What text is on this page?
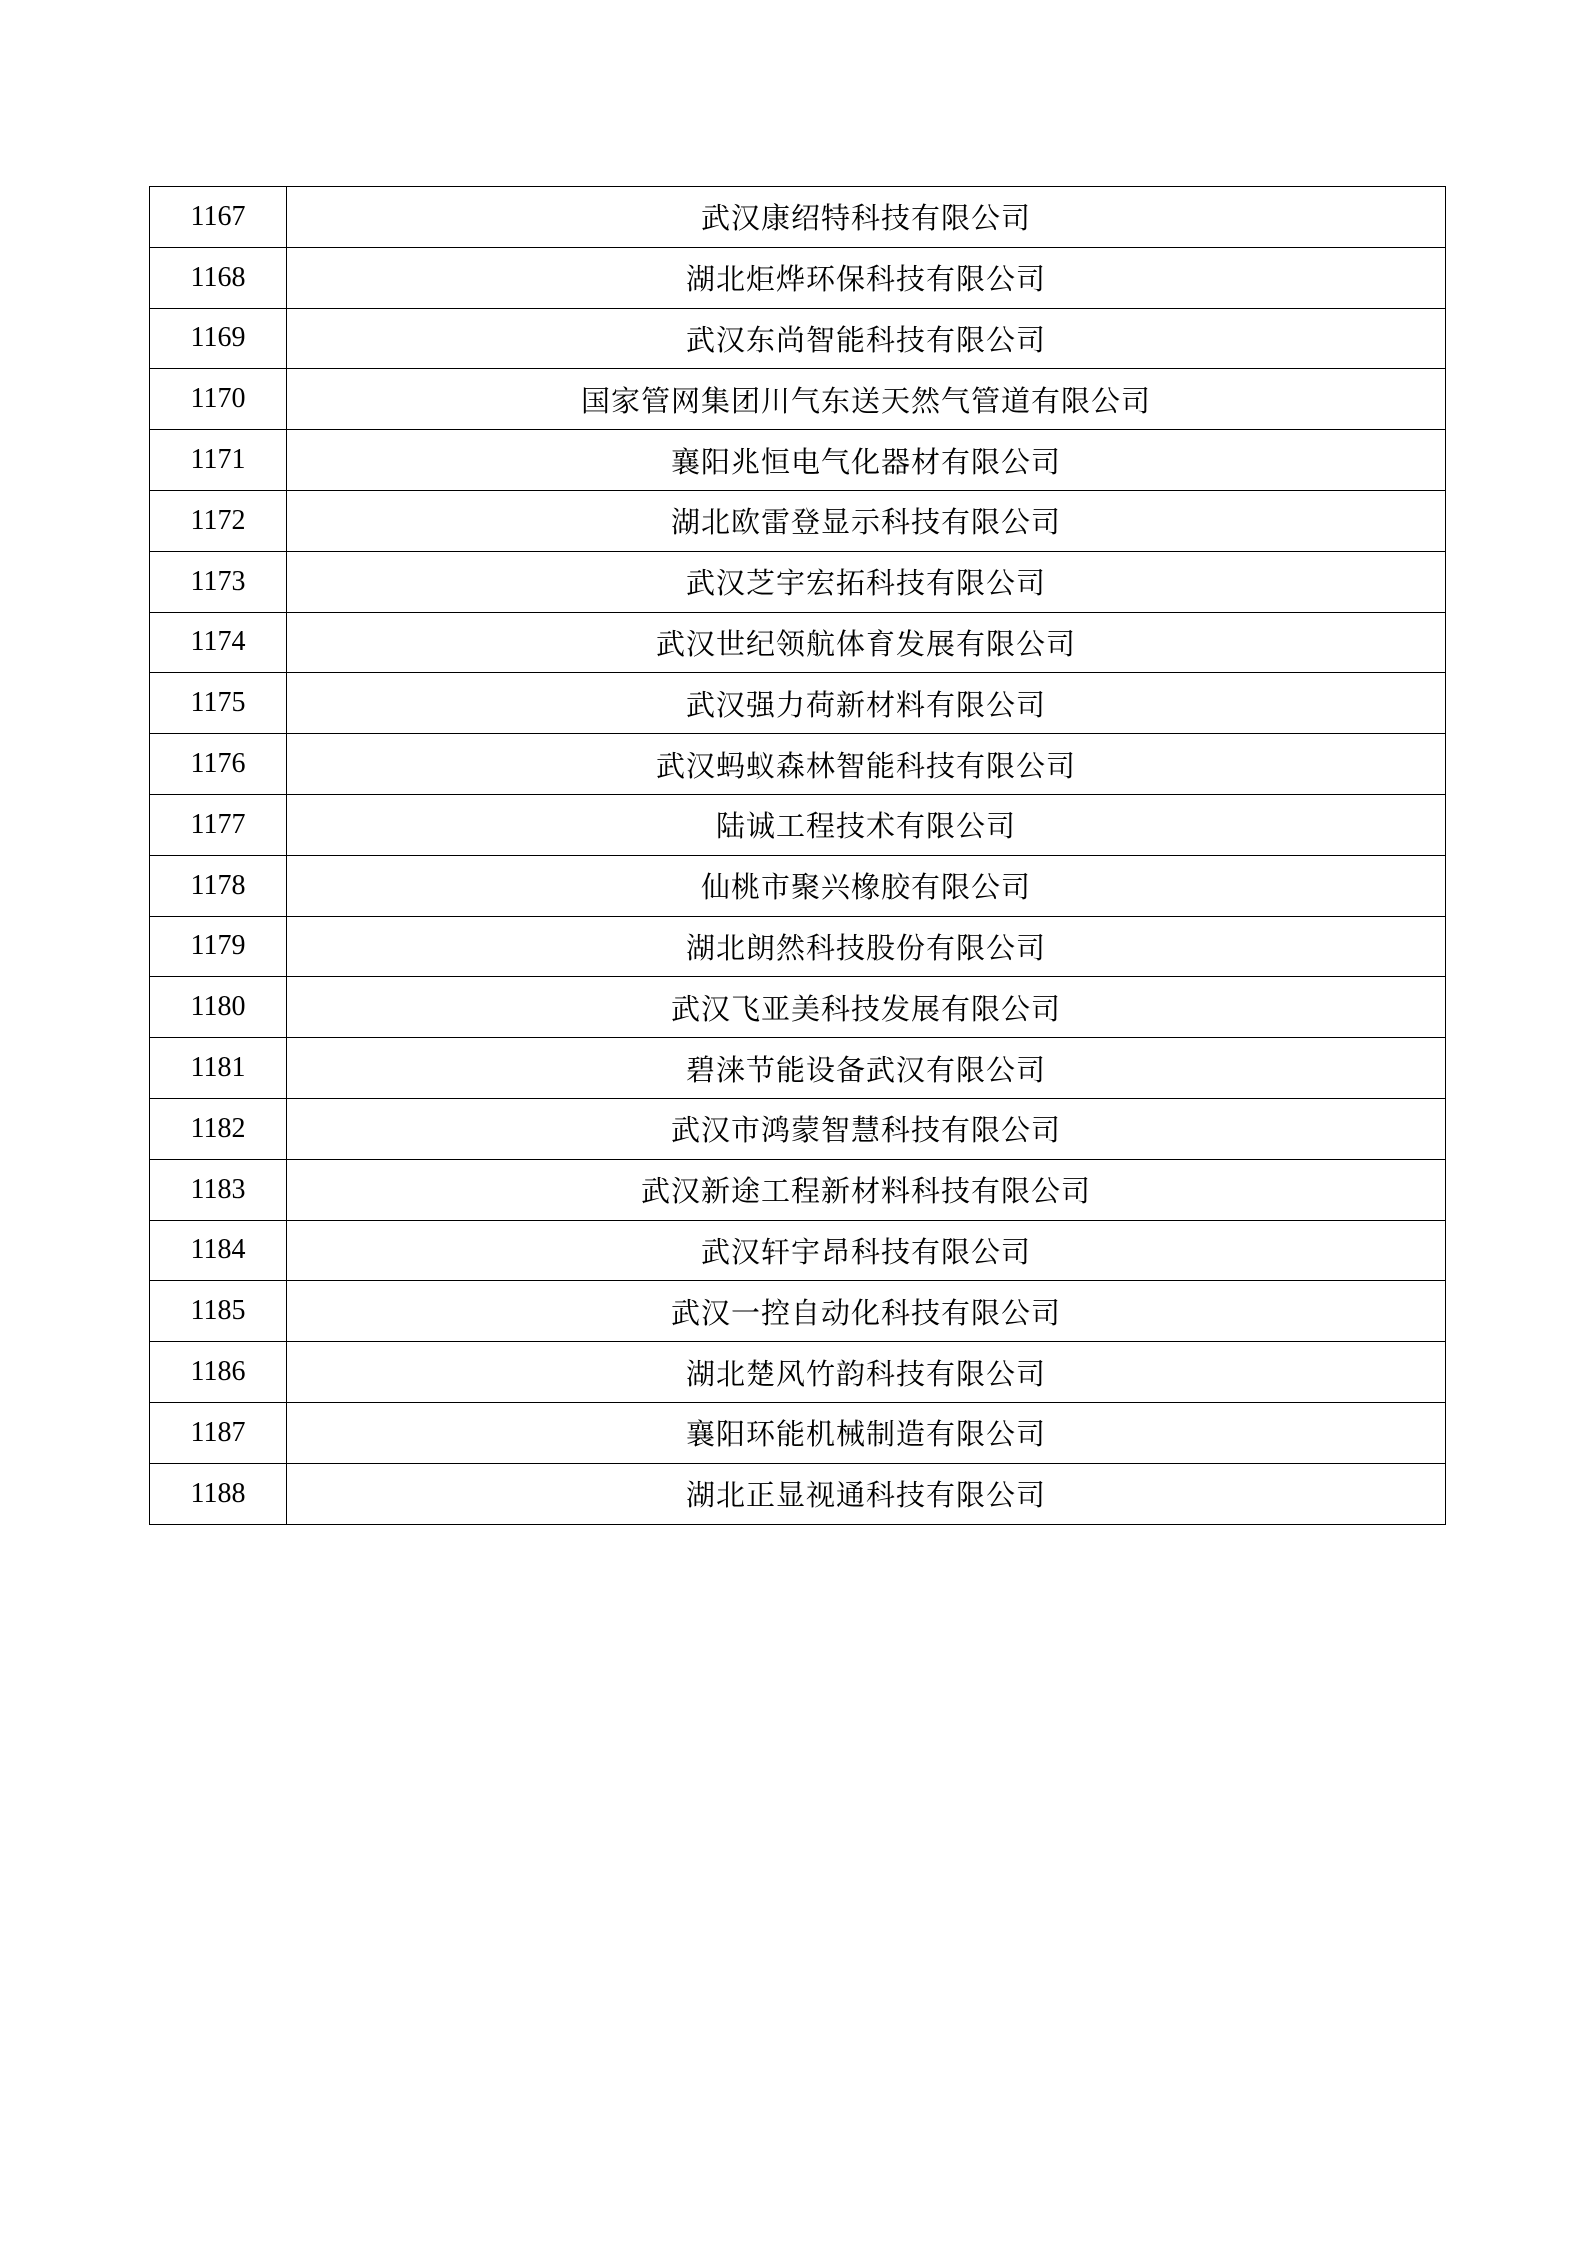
1167	武汉康绍特科技有限公司
1168	湖北炬烨环保科技有限公司
1169	武汉东尚智能科技有限公司
1170	国家管网集团川气东送天然气管道有限公司
1171	襄阳兆恒电气化器材有限公司
1172	湖北欧雷登显示科技有限公司
1173	武汉芝宇宏拓科技有限公司
1174	武汉世纪领航体育发展有限公司
1175	武汉强力荷新材料有限公司
1176	武汉蚂蚁森林智能科技有限公司
1177	陆诚工程技术有限公司
1178	仙桃市聚兴橡胶有限公司
1179	湖北朗然科技股份有限公司
1180	武汉飞亚美科技发展有限公司
1181	碧涞节能设备武汉有限公司
1182	武汉市鸿蒙智慧科技有限公司
1183	武汉新途工程新材料科技有限公司
1184	武汉轩宇昂科技有限公司
1185	武汉一控自动化科技有限公司
1186	湖北楚风竹韵科技有限公司
1187	襄阳环能机械制造有限公司
1188	湖北正显视通科技有限公司
